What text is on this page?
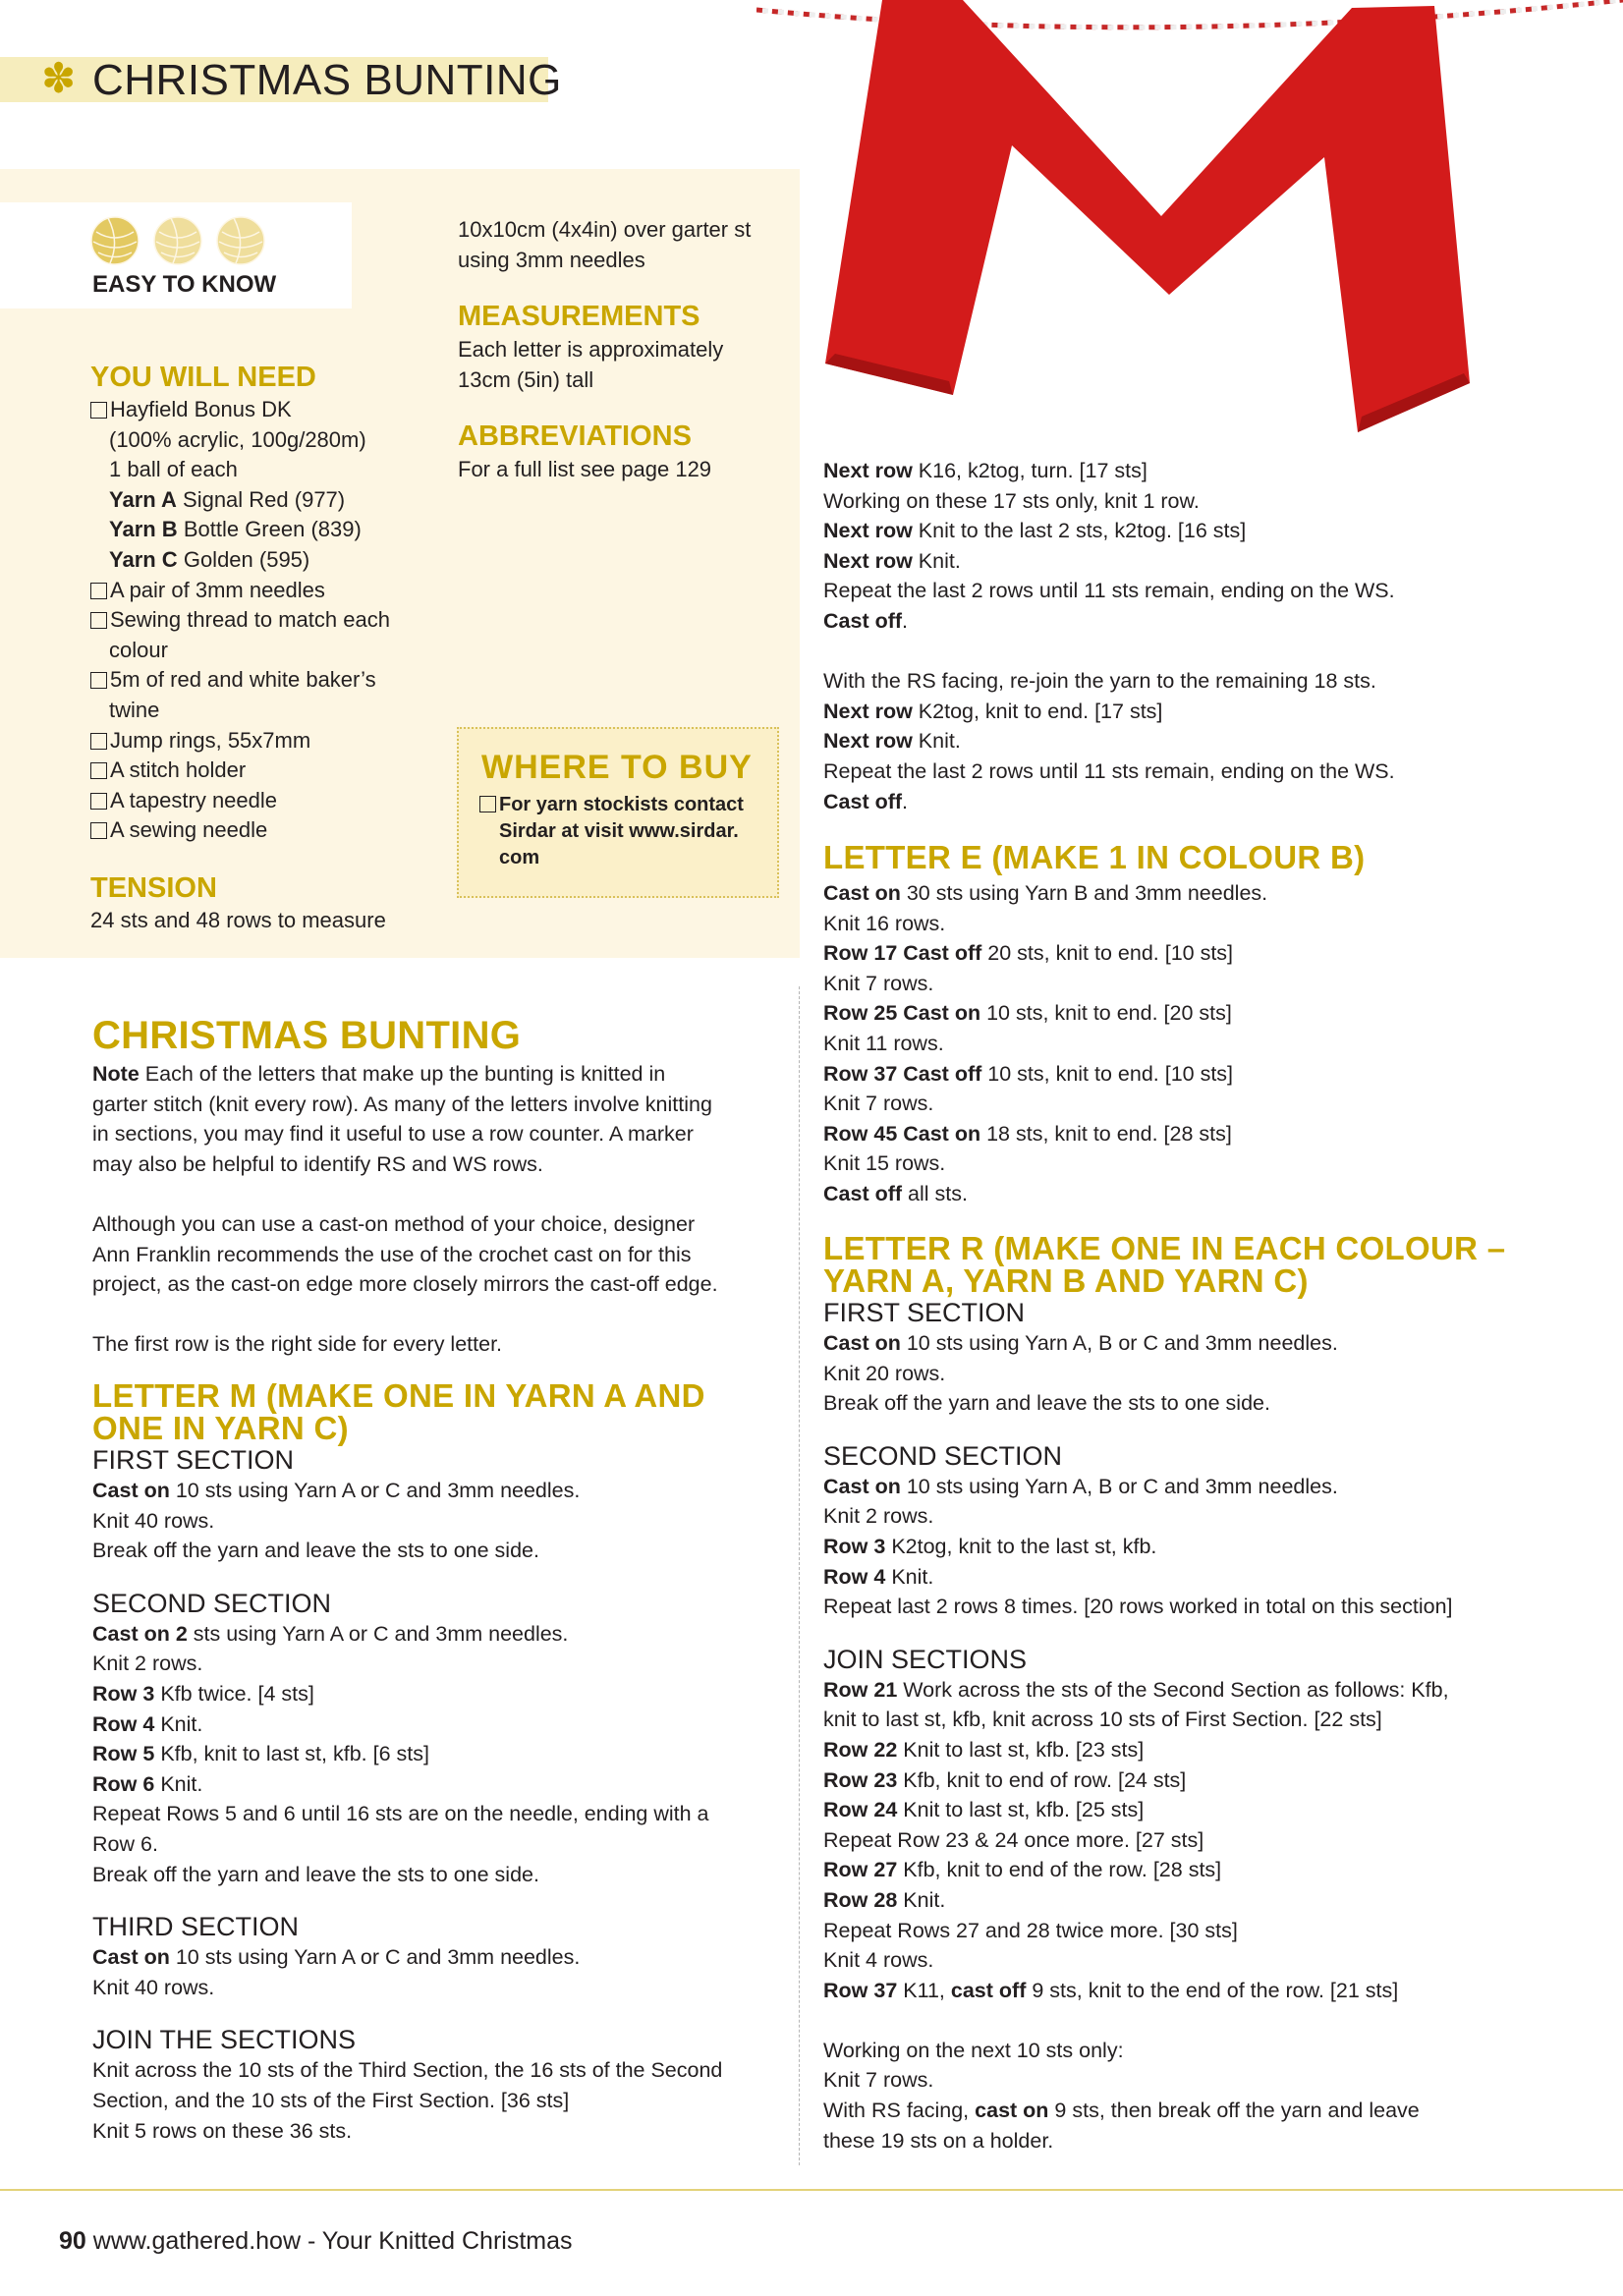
✽ CHRISTMAS BUNTING
EASY TO KNOW
YOU WILL NEED
Hayfield Bonus DK
(100% acrylic, 100g/280m)
1 ball of each
Yarn A Signal Red (977)
Yarn B Bottle Green (839)
Yarn C Golden (595)
A pair of 3mm needles
Sewing thread to match each
colour
5m of red and white baker’s
twine
Jump rings, 55x7mm
A stitch holder
A tapestry needle
A sewing needle
TENSION
24 sts and 48 rows to measure
10x10cm (4x4in) over garter st
using 3mm needles
MEASUREMENTS
Each letter is approximately
13cm (5in) tall
ABBREVIATIONS
For a full list see page 129
WHERE TO BUY
For yarn stockists contact
Sirdar at visit www.sirdar.
com
CHRISTMAS BUNTING
Note Each of the letters that make up the bunting is knitted in
garter stitch (knit every row). As many of the letters involve knitting
in sections, you may find it useful to use a row counter. A marker
may also be helpful to identify RS and WS rows.
Although you can use a cast-on method of your choice, designer
Ann Franklin recommends the use of the crochet cast on for this
project, as the cast-on edge more closely mirrors the cast-off edge.
The first row is the right side for every letter.
LETTER M (MAKE ONE IN YARN A AND
ONE IN YARN C)
FIRST SECTION
Cast on 10 sts using Yarn A or C and 3mm needles.
Knit 40 rows.
Break off the yarn and leave the sts to one side.
SECOND SECTION
Cast on 2 sts using Yarn A or C and 3mm needles.
Knit 2 rows.
Row 3 Kfb twice. [4 sts]
Row 4 Knit.
Row 5 Kfb, knit to last st, kfb. [6 sts]
Row 6 Knit.
Repeat Rows 5 and 6 until 16 sts are on the needle, ending with a
Row 6.
Break off the yarn and leave the sts to one side.
THIRD SECTION
Cast on 10 sts using Yarn A or C and 3mm needles.
Knit 40 rows.
JOIN THE SECTIONS
Knit across the 10 sts of the Third Section, the 16 sts of the Second
Section, and the 10 sts of the First Section. [36 sts]
Knit 5 rows on these 36 sts.
Next row K16, k2tog, turn. [17 sts]
Working on these 17 sts only, knit 1 row.
Next row Knit to the last 2 sts, k2tog. [16 sts]
Next row Knit.
Repeat the last 2 rows until 11 sts remain, ending on the WS.
Cast off.
With the RS facing, re-join the yarn to the remaining 18 sts.
Next row K2tog, knit to end. [17 sts]
Next row Knit.
Repeat the last 2 rows until 11 sts remain, ending on the WS.
Cast off.
LETTER E (MAKE 1 IN COLOUR B)
Cast on 30 sts using Yarn B and 3mm needles.
Knit 16 rows.
Row 17 Cast off 20 sts, knit to end. [10 sts]
Knit 7 rows.
Row 25 Cast on 10 sts, knit to end. [20 sts]
Knit 11 rows.
Row 37 Cast off 10 sts, knit to end. [10 sts]
Knit 7 rows.
Row 45 Cast on 18 sts, knit to end. [28 sts]
Knit 15 rows.
Cast off all sts.
LETTER R (MAKE ONE IN EACH COLOUR –
YARN A, YARN B AND YARN C)
FIRST SECTION
Cast on 10 sts using Yarn A, B or C and 3mm needles.
Knit 20 rows.
Break off the yarn and leave the sts to one side.
SECOND SECTION
Cast on 10 sts using Yarn A, B or C and 3mm needles.
Knit 2 rows.
Row 3 K2tog, knit to the last st, kfb.
Row 4 Knit.
Repeat last 2 rows 8 times. [20 rows worked in total on this section]
JOIN SECTIONS
Row 21 Work across the sts of the Second Section as follows: Kfb,
knit to last st, kfb, knit across 10 sts of First Section. [22 sts]
Row 22 Knit to last st, kfb. [23 sts]
Row 23 Kfb, knit to end of row. [24 sts]
Row 24 Knit to last st, kfb. [25 sts]
Repeat Row 23 & 24 once more. [27 sts]
Row 27 Kfb, knit to end of the row. [28 sts]
Row 28 Knit.
Repeat Rows 27 and 28 twice more. [30 sts]
Knit 4 rows.
Row 37 K11, cast off 9 sts, knit to the end of the row. [21 sts]
Working on the next 10 sts only:
Knit 7 rows.
With RS facing, cast on 9 sts, then break off the yarn and leave
these 19 sts on a holder.
90 www.gathered.how - Your Knitted Christmas
